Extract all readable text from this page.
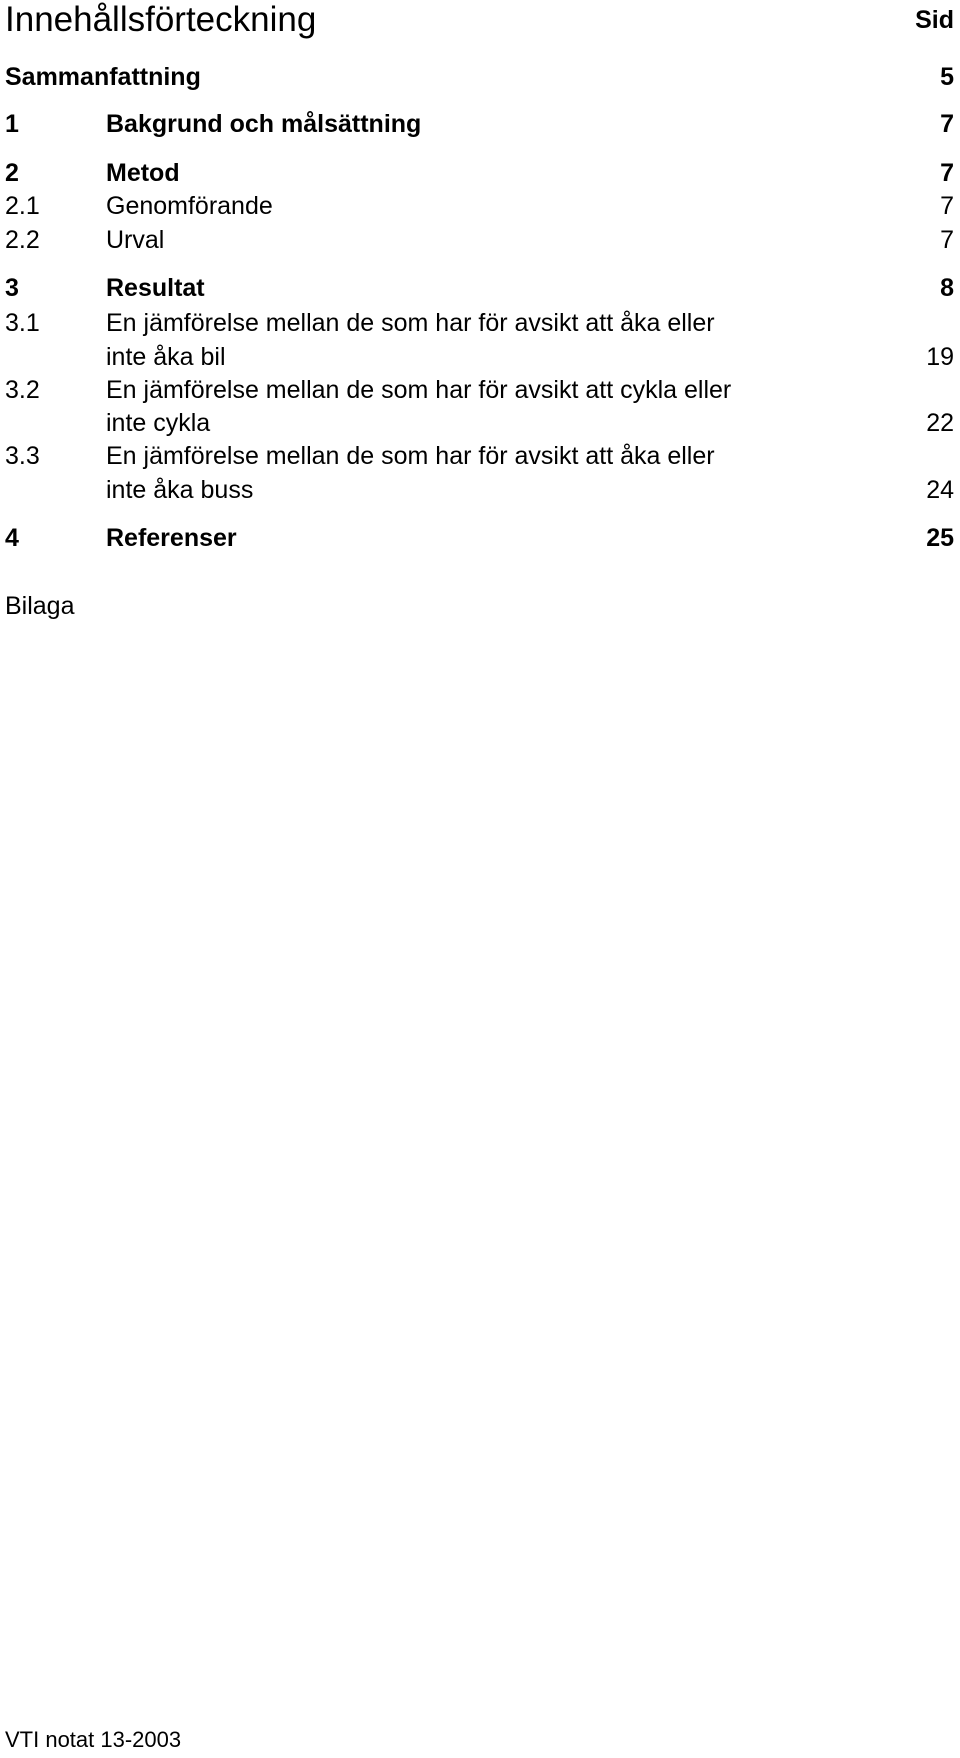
Innehållsförteckning	Sid
Sammanfattning	5
1	Bakgrund och målsättning	7
2	Metod	7
2.1	Genomförande	7
2.2	Urval	7
3	Resultat	8
3.1	En jämförelse mellan de som har för avsikt att åka eller
inte åka bil	19
3.2	En jämförelse mellan de som har för avsikt att cykla eller
inte cykla	22
3.3	En jämförelse mellan de som har för avsikt att åka eller
inte åka buss	24
4	Referenser	25
Bilaga
VTI notat 13-2003
